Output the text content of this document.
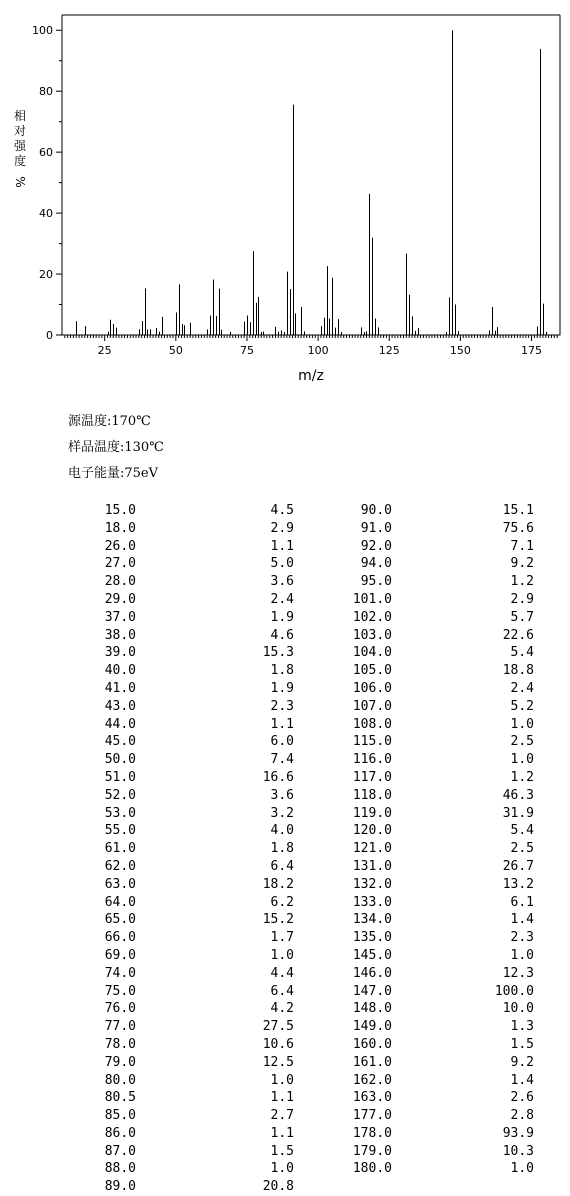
25	50	75	100	125	150	175
0
20
40
60
80
100
相
对
强
度
%
m/z
源温度:170℃
样品温度:130℃
电子能量:75eV
15.0	4.5
18.0	2.9
26.0	1.1
27.0	5.0
28.0	3.6
29.0	2.4
37.0	1.9
38.0	4.6
39.0	15.3
40.0	1.8
41.0	1.9
43.0	2.3
44.0	1.1
45.0	6.0
50.0	7.4
51.0	16.6
52.0	3.6
53.0	3.2
55.0	4.0
61.0	1.8
62.0	6.4
63.0	18.2
64.0	6.2
65.0	15.2
66.0	1.7
69.0	1.0
74.0	4.4
75.0	6.4
76.0	4.2
77.0	27.5
78.0	10.6
79.0	12.5
80.0	1.0
80.5	1.1
85.0	2.7
86.0	1.1
87.0	1.5
88.0	1.0
89.0	20.8
90.0	15.1
91.0	75.6
92.0	7.1
94.0	9.2
95.0	1.2
101.0	2.9
102.0	5.7
103.0	22.6
104.0	5.4
105.0	18.8
106.0	2.4
107.0	5.2
108.0	1.0
115.0	2.5
116.0	1.0
117.0	1.2
118.0	46.3
119.0	31.9
120.0	5.4
121.0	2.5
131.0	26.7
132.0	13.2
133.0	6.1
134.0	1.4
135.0	2.3
145.0	1.0
146.0	12.3
147.0	100.0
148.0	10.0
149.0	1.3
160.0	1.5
161.0	9.2
162.0	1.4
163.0	2.6
177.0	2.8
178.0	93.9
179.0	10.3
180.0	1.0
